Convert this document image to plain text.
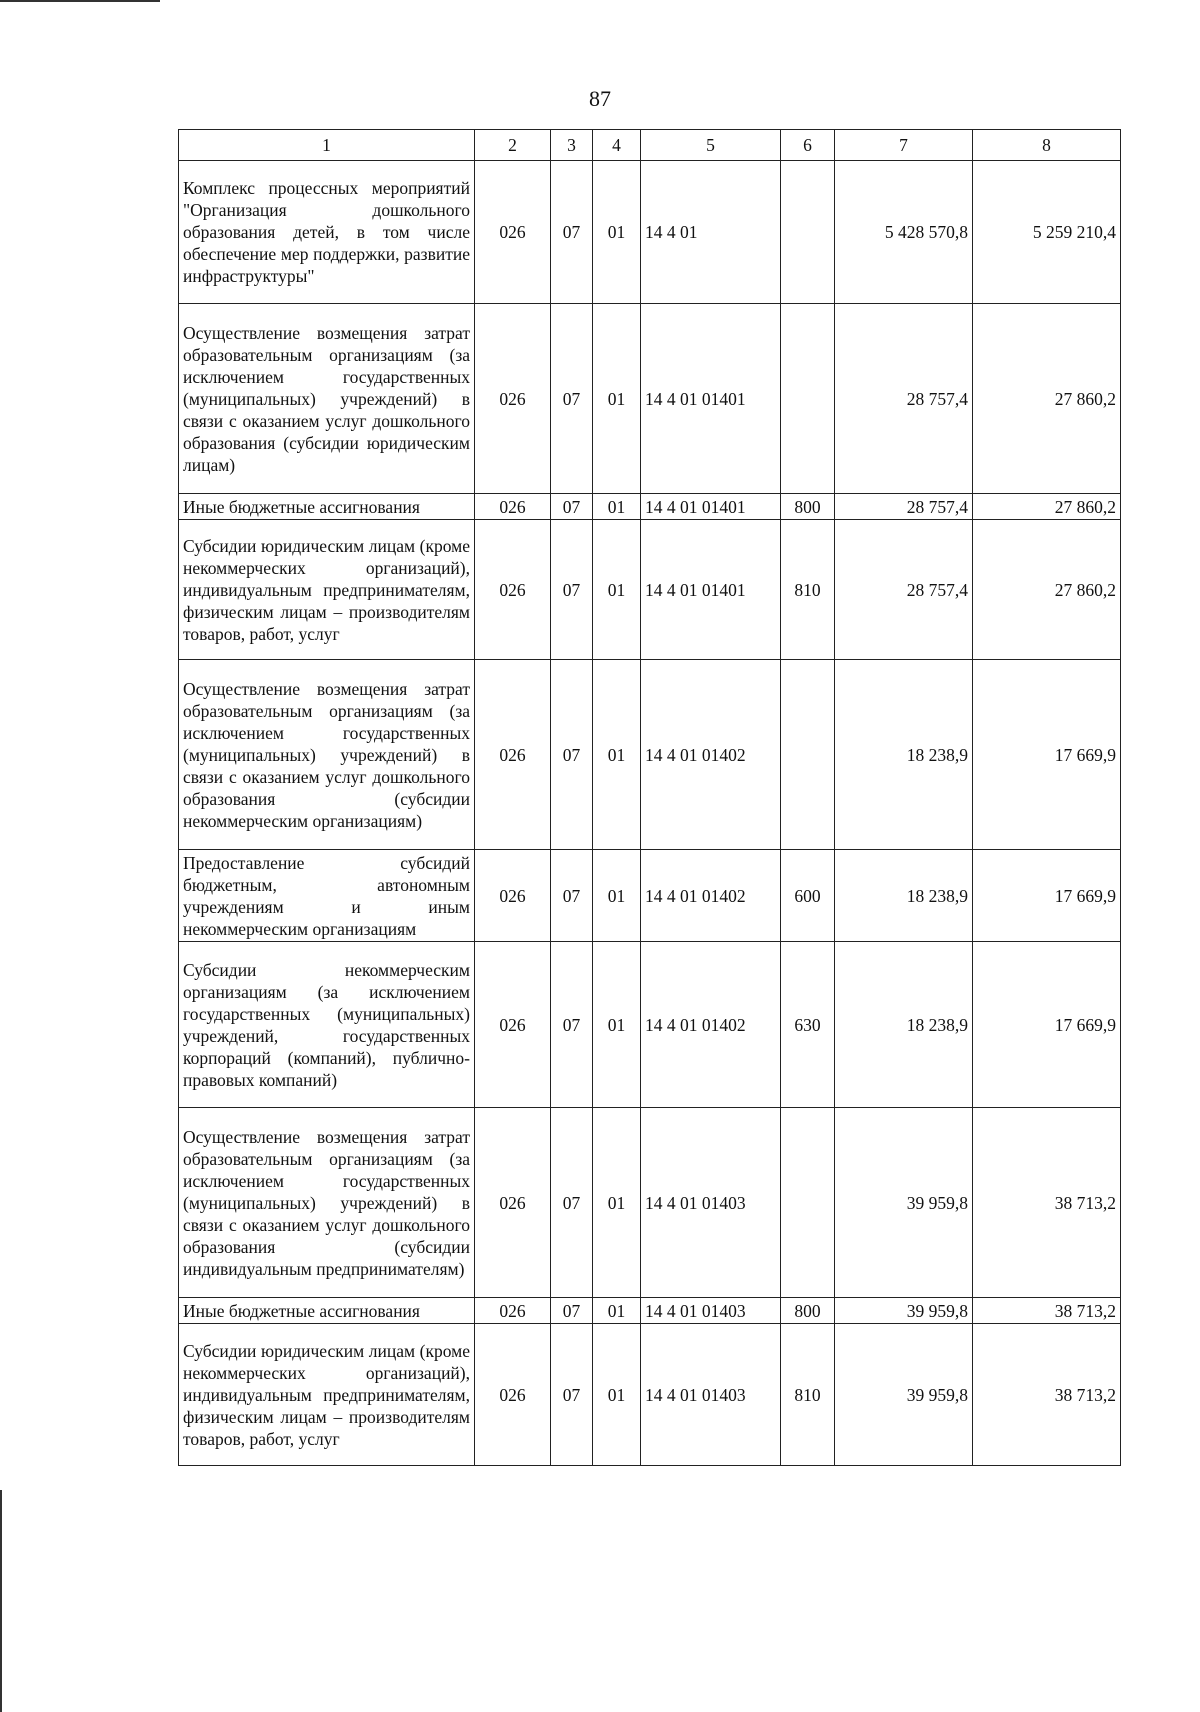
87
1	2	3	4	5	6	7	8
Комплекс процессных мероприятий "Организация дошкольного образования детей, в том числе обеспечение мер поддержки, развитие инфраструктуры"	026	07	01	14 4 01		5 428 570,8	5 259 210,4
Осуществление возмещения затрат образовательным организациям (за исключением государственных (муниципальных) учреждений) в связи с оказанием услуг дошкольного образования (субсидии юридическим лицам)	026	07	01	14 4 01 01401		28 757,4	27 860,2
Иные бюджетные ассигнования	026	07	01	14 4 01 01401	800	28 757,4	27 860,2
Субсидии юридическим лицам (кроме некоммерческих организаций), индивидуальным предпринимателям, физическим лицам – производителям товаров, работ, услуг	026	07	01	14 4 01 01401	810	28 757,4	27 860,2
Осуществление возмещения затрат образовательным организациям (за исключением государственных (муниципальных) учреждений) в связи с оказанием услуг дошкольного образования (субсидии некоммерческим организациям)	026	07	01	14 4 01 01402		18 238,9	17 669,9
Предоставление субсидий бюджетным, автономным учреждениям и иным некоммерческим организациям	026	07	01	14 4 01 01402	600	18 238,9	17 669,9
Субсидии некоммерческим организациям (за исключением государственных (муниципальных) учреждений, государственных корпораций (компаний), публично-правовых компаний)	026	07	01	14 4 01 01402	630	18 238,9	17 669,9
Осуществление возмещения затрат образовательным организациям (за исключением государственных (муниципальных) учреждений) в связи с оказанием услуг дошкольного образования (субсидии индивидуальным предпринимателям)	026	07	01	14 4 01 01403		39 959,8	38 713,2
Иные бюджетные ассигнования	026	07	01	14 4 01 01403	800	39 959,8	38 713,2
Субсидии юридическим лицам (кроме некоммерческих организаций), индивидуальным предпринимателям, физическим лицам – производителям товаров, работ, услуг	026	07	01	14 4 01 01403	810	39 959,8	38 713,2
